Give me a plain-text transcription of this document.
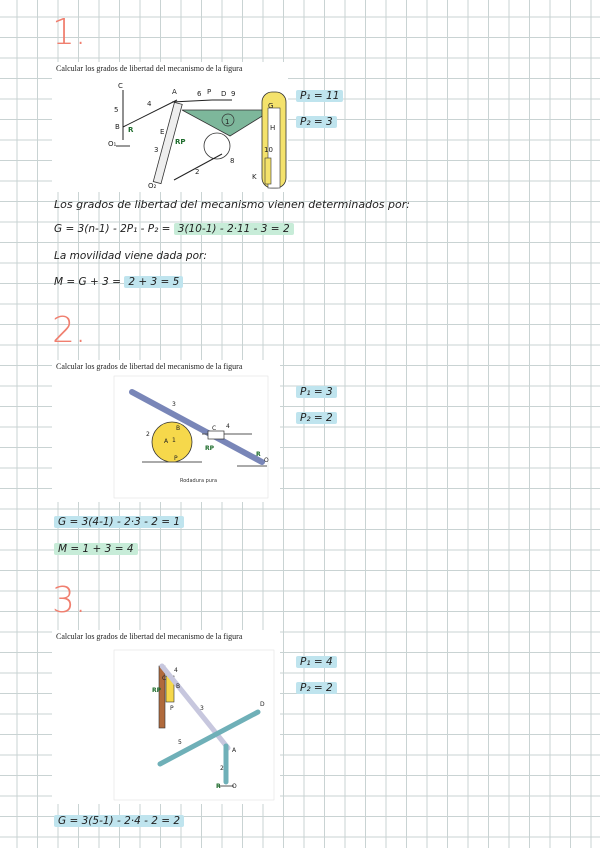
1.
Calcular los grados de libertad del mecanismo de la figura
C
A
B
O₁
O₂
E
P D
G
H
K
1
2
3
4
5
6
8
9
10
R
RP
P₁ = 11
P₂ = 3
Los grados de libertad del mecanismo vienen determinados por:
G = 3(n-1) - 2P₁ - P₂ = 3(10-1) - 2·11 - 3 = 2
La movilidad viene dada por:
M = G + 3 = 2 + 3 = 5
2.
Calcular los grados de libertad del mecanismo de la figura
1
2
3
4
A
B	C
O
P
R
RP
Rodadura pura
P₁ = 3
P₂ = 2
G = 3(4-1) - 2·3 - 2 = 1
M = 1 + 3 = 4
3.
Calcular los grados de libertad del mecanismo de la figura
2
3
4
5
A
B
C
D
O
P
R
RP
P₁ = 4
P₂ = 2
G = 3(5-1) - 2·4 - 2 = 2
